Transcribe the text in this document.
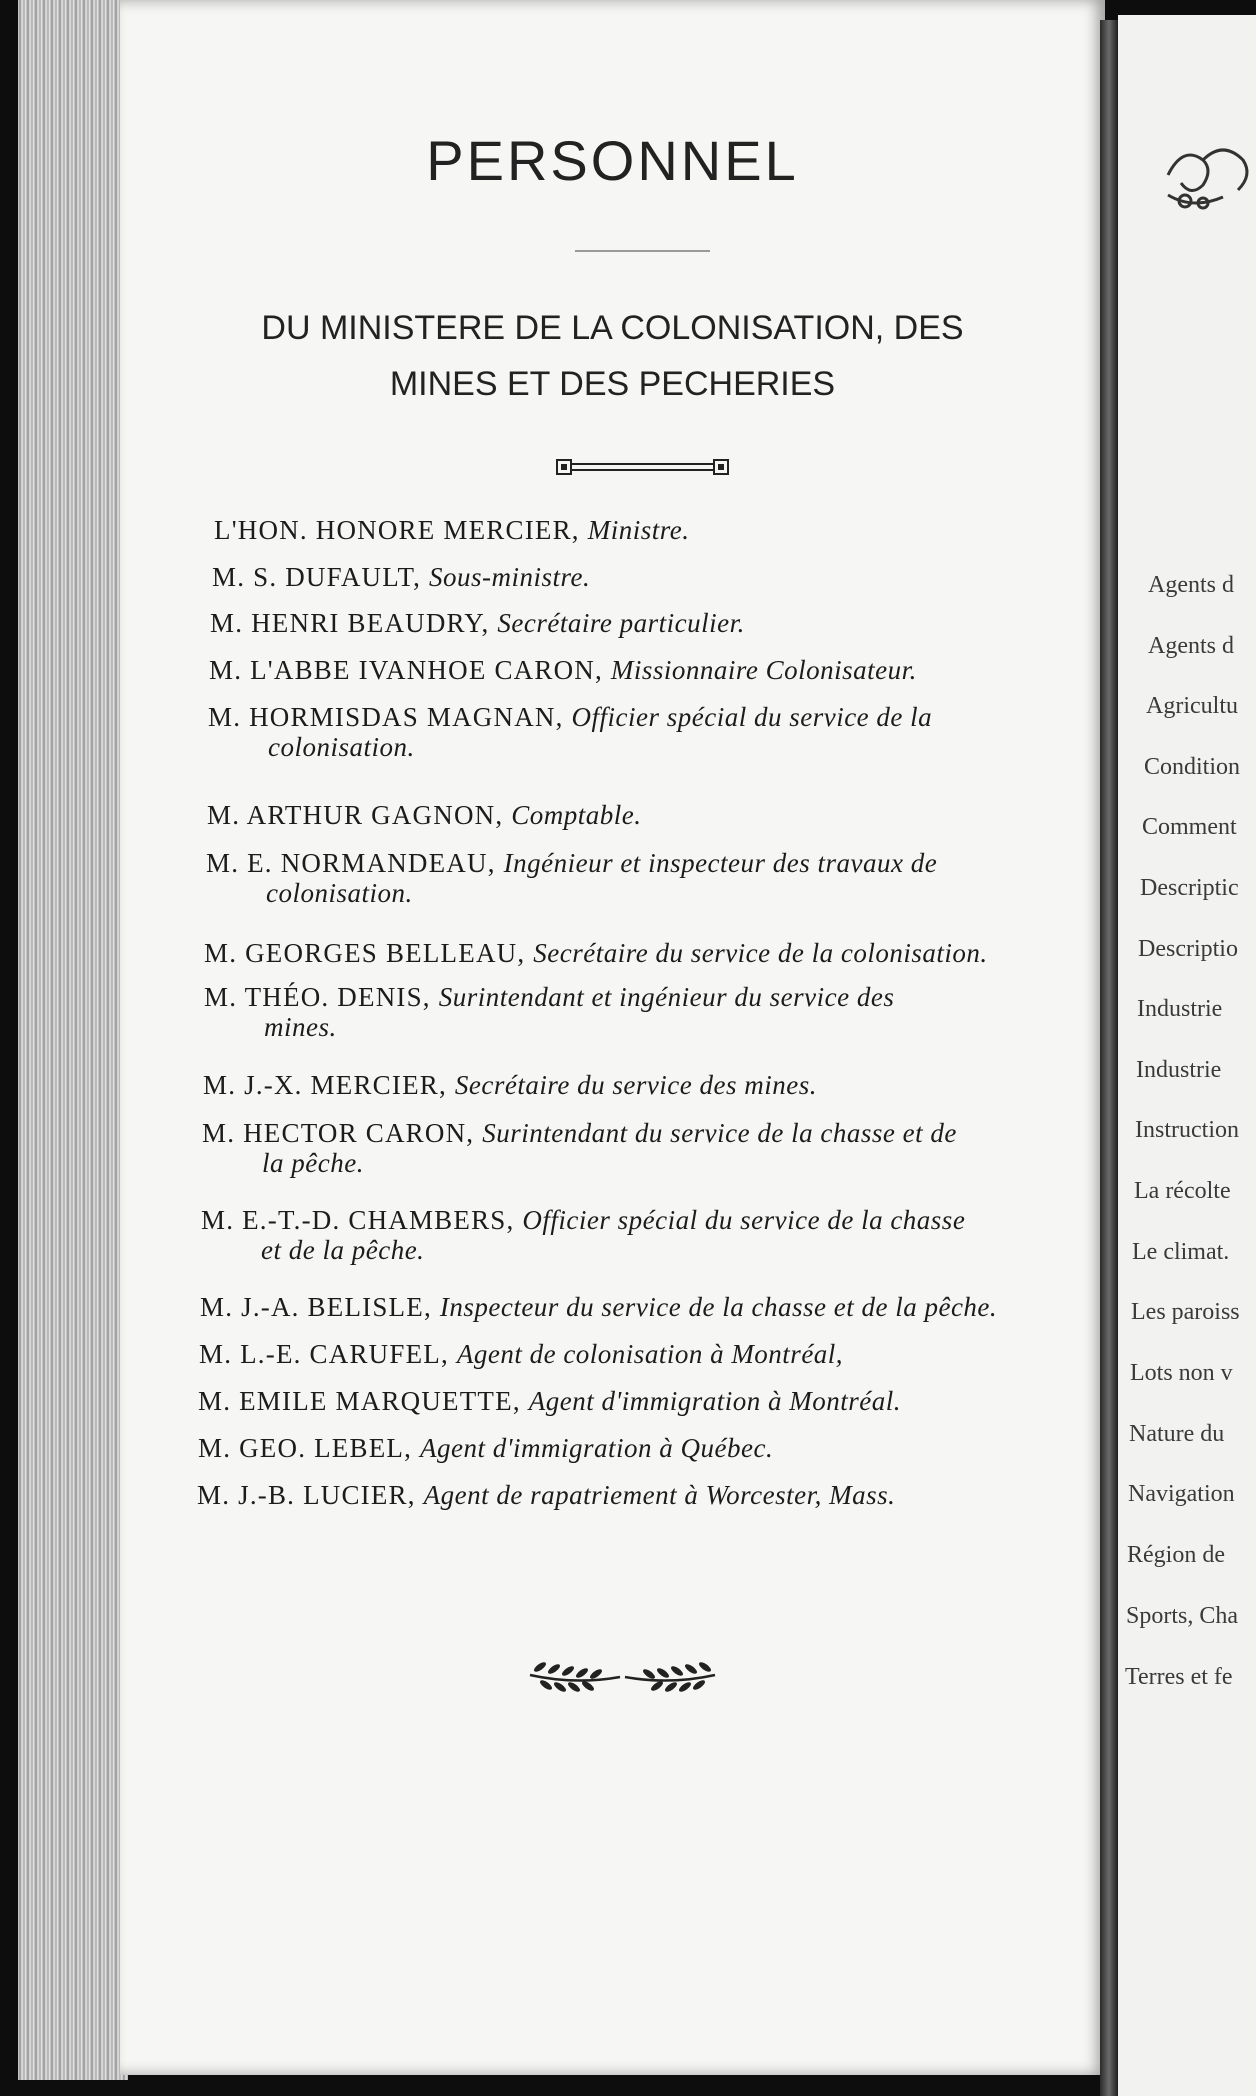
PERSONNEL
DU MINISTERE DE LA COLONISATION, DES
MINES ET DES PECHERIES
L'HON. HONORE MERCIER, Ministre.
M. S. DUFAULT, Sous-ministre.
M. HENRI BEAUDRY, Secrétaire particulier.
M. L'ABBE IVANHOE CARON, Missionnaire Colonisateur.
M. HORMISDAS MAGNAN, Officier spécial du service de la
colonisation.
M. ARTHUR GAGNON, Comptable.
M. E. NORMANDEAU, Ingénieur et inspecteur des travaux de
colonisation.
M. GEORGES BELLEAU, Secrétaire du service de la colonisation.
M. THÉO. DENIS, Surintendant et ingénieur du service des
mines.
M. J.-X. MERCIER, Secrétaire du service des mines.
M. HECTOR CARON, Surintendant du service de la chasse et de
la pêche.
M. E.-T.-D. CHAMBERS, Officier spécial du service de la chasse
et de la pêche.
M. J.-A. BELISLE, Inspecteur du service de la chasse et de la pêche.
M. L.-E. CARUFEL, Agent de colonisation à Montréal,
M. EMILE MARQUETTE, Agent d'immigration à Montréal.
M. GEO. LEBEL, Agent d'immigration à Québec.
M. J.-B. LUCIER, Agent de rapatriement à Worcester, Mass.
Agents d
Agents d
Agricultu
Condition
Comment
Descriptic
Descriptio
Industrie
Industrie
Instruction
La récolte
Le climat.
Les paroiss
Lots non v
Nature du
Navigation
Région de
Sports, Cha
Terres et fe
